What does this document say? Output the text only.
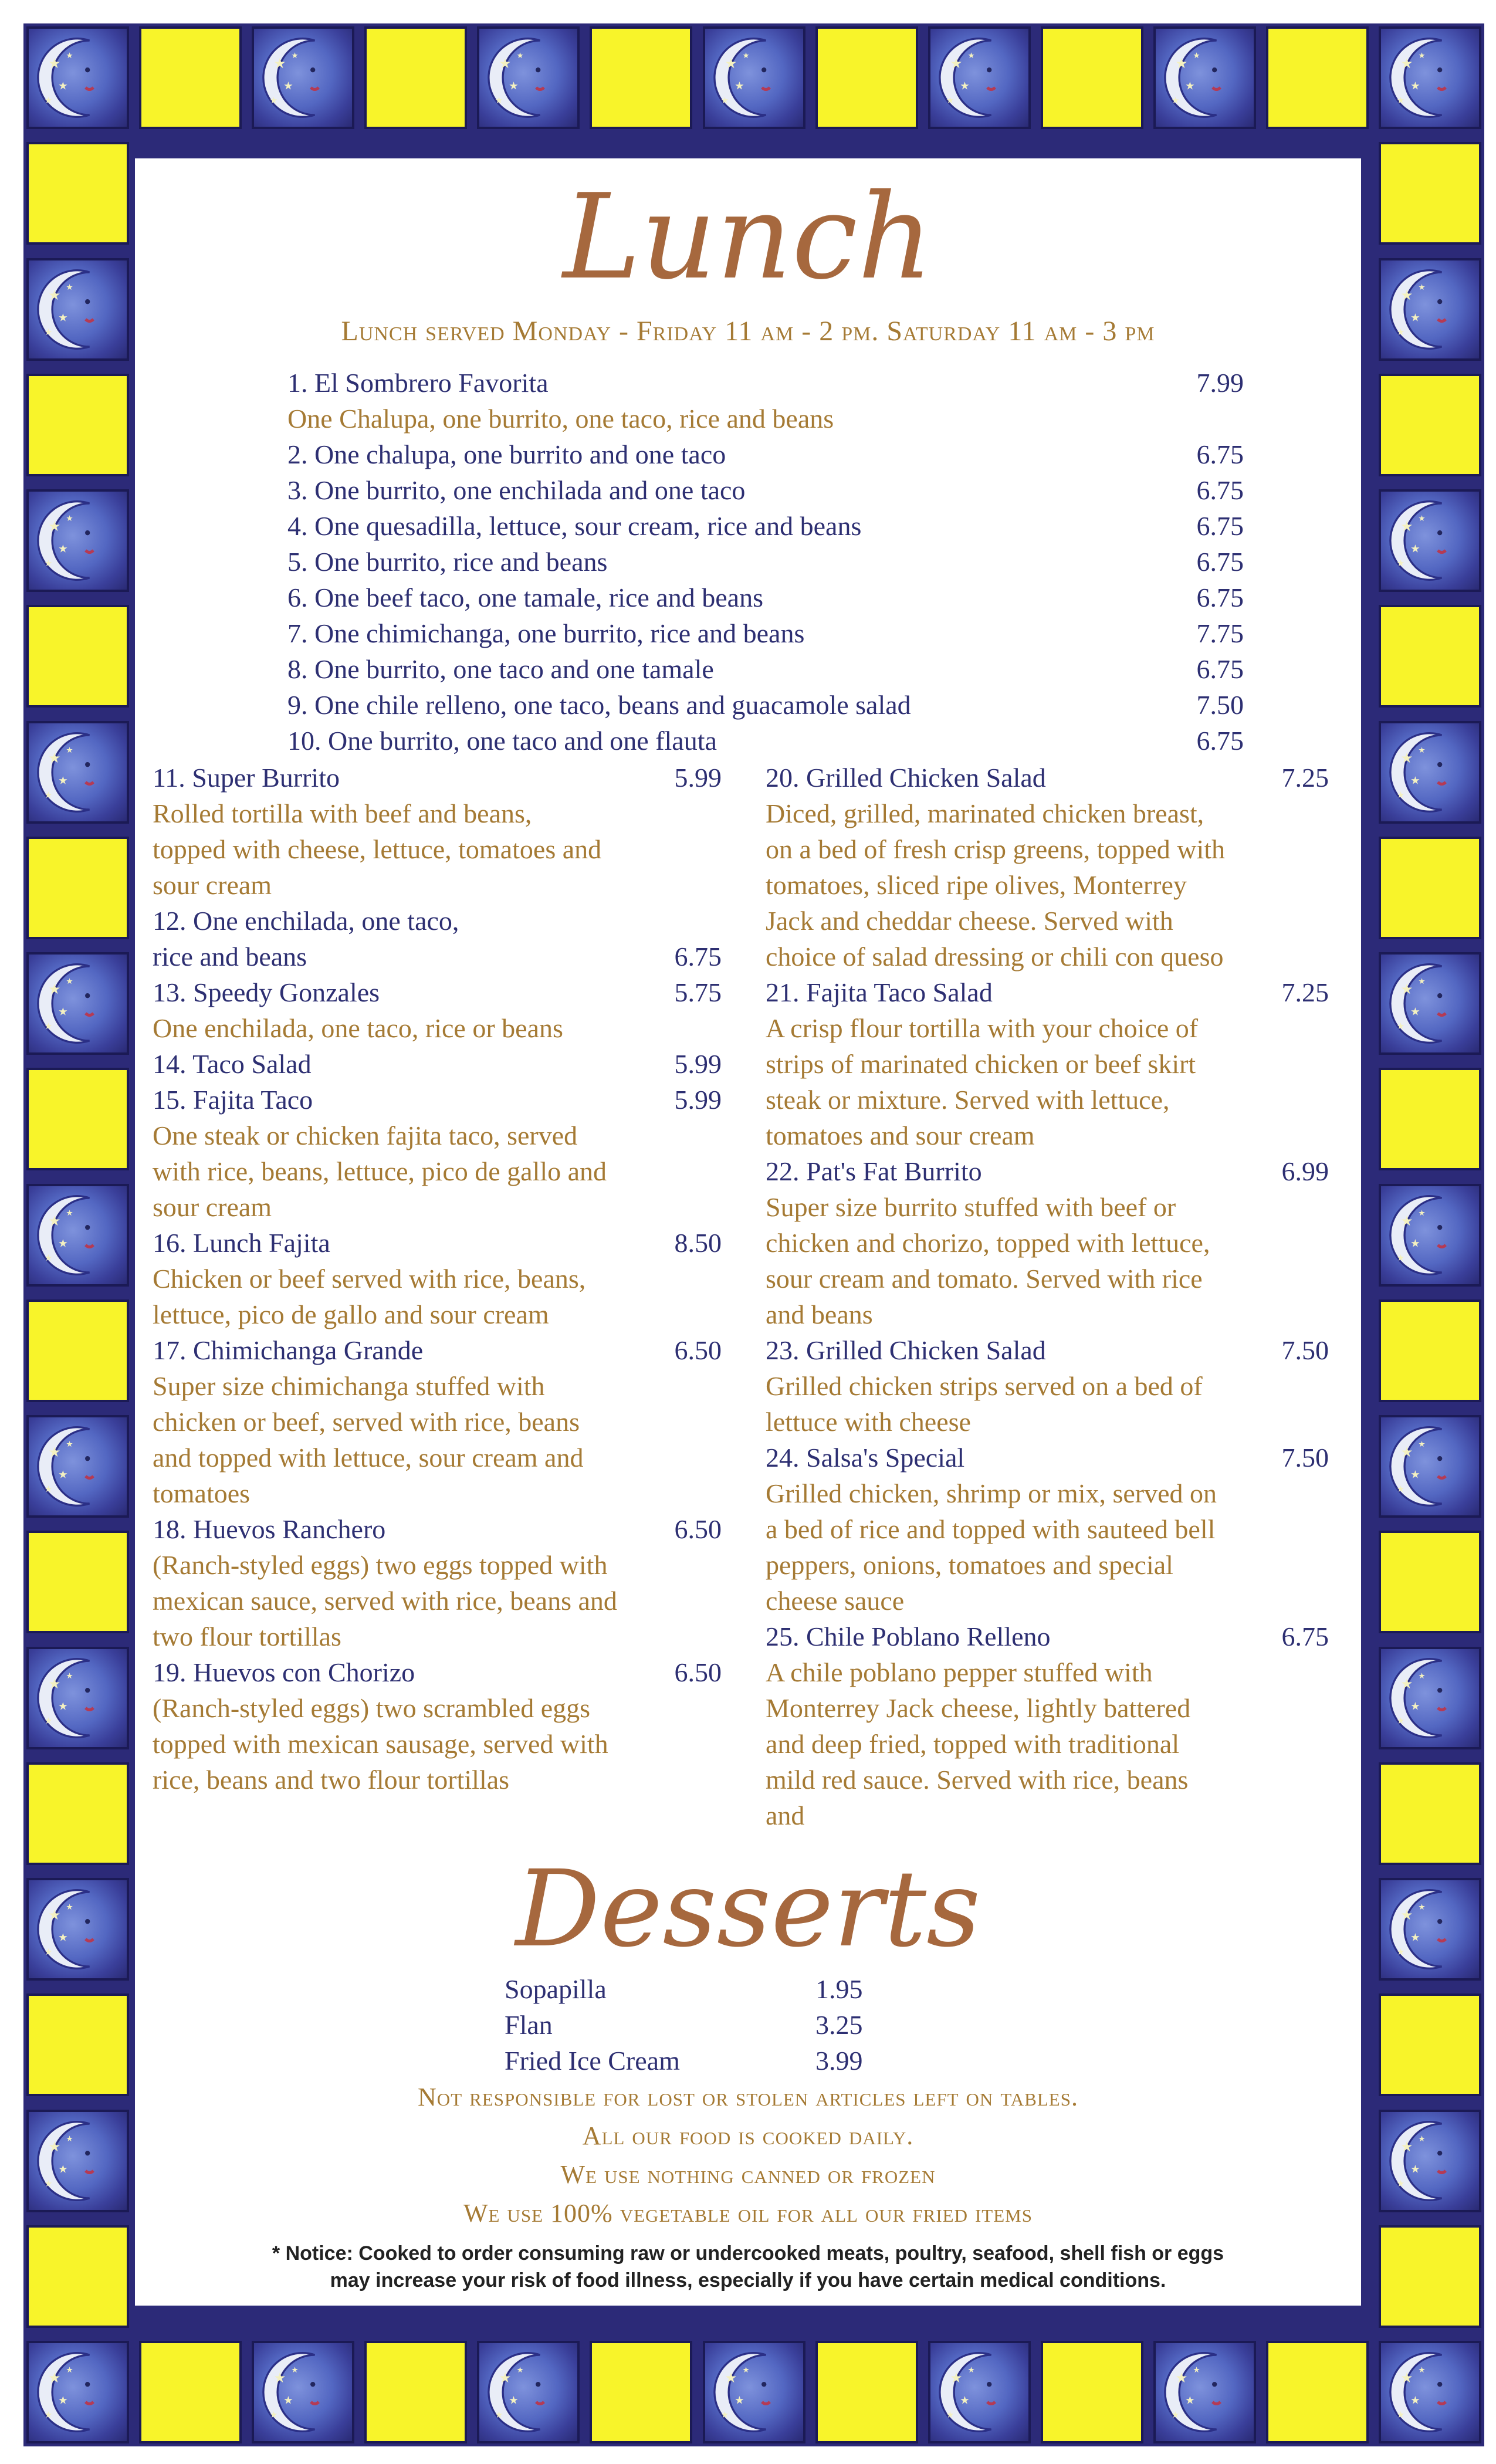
★
★
★
★
★
★
★
★
★
★
★
★
★
★
★
★
★
★
★
★
★
★
★
★
★
★
★
★
★
★
★
★
★
★
★
★
★
★
★
★
★
★
★
★
★
★
★
★
★
★
★
★
★
★
★
★
★
★
★
★
★
★
★
★
★
★
★
★
★
★
★
★
★
★
★
★
★
★
★
★
★
★
★
★
★
★
★
★
★
★
★
★
★
★
★
★
★
★
★
★
★
★
★
★
★
★
★
★
★
★
★
★
★
★
★
★
★
★
★
★
★
★
★
★
★
★
★
★
Lunch
Lunch served Monday - Friday 11 am - 2 pm. Saturday 11 am - 3 pm
1. El Sombrero Favorita	7.99
One Chalupa, one burrito, one taco, rice and beans
2. One chalupa, one burrito and one taco	6.75
3. One burrito, one enchilada and one taco	6.75
4. One quesadilla, lettuce, sour cream, rice and beans	6.75
5. One burrito, rice and beans	6.75
6. One beef taco, one tamale, rice and beans	6.75
7. One chimichanga, one burrito, rice and beans	7.75
8. One burrito, one taco and one tamale	6.75
9. One chile relleno, one taco, beans and guacamole salad	7.50
10. One burrito, one taco and one flauta	6.75
11. Super Burrito	5.99
Rolled tortilla with beef and beans,
topped with cheese, lettuce, tomatoes and
sour cream
12. One enchilada, one taco,
rice and beans	6.75
13. Speedy Gonzales	5.75
One enchilada, one taco, rice or beans
14. Taco Salad	5.99
15. Fajita Taco	5.99
One steak or chicken fajita taco, served
with rice, beans, lettuce, pico de gallo and
sour cream
16. Lunch Fajita	8.50
Chicken or beef served with rice, beans,
lettuce, pico de gallo and sour cream
17. Chimichanga Grande	6.50
Super size chimichanga stuffed with
chicken or beef, served with rice, beans
and topped with lettuce, sour cream and
tomatoes
18. Huevos Ranchero	6.50
(Ranch-styled eggs) two eggs topped with
mexican sauce, served with rice, beans and
two flour tortillas
19. Huevos con Chorizo	6.50
(Ranch-styled eggs) two scrambled eggs
topped with mexican sausage, served with
rice, beans and two flour tortillas
20. Grilled Chicken Salad	7.25
Diced, grilled, marinated chicken breast,
on a bed of fresh crisp greens, topped with
tomatoes, sliced ripe olives, Monterrey
Jack and cheddar cheese. Served with
choice of salad dressing or chili con queso
21. Fajita Taco Salad	7.25
A crisp flour tortilla with your choice of
strips of marinated chicken or beef skirt
steak or mixture. Served with lettuce,
tomatoes and sour cream
22. Pat's Fat Burrito	6.99
Super size burrito stuffed with beef or
chicken and chorizo, topped with lettuce,
sour cream and tomato. Served with rice
and beans
23. Grilled Chicken Salad	7.50
Grilled chicken strips served on a bed of
lettuce with cheese
24. Salsa's Special	7.50
Grilled chicken, shrimp or mix, served on
a bed of rice and topped with sauteed bell
peppers, onions, tomatoes and special
cheese sauce
25. Chile Poblano Relleno	6.75
A chile poblano pepper stuffed with
Monterrey Jack cheese, lightly battered
and deep fried, topped with traditional
mild red sauce. Served with rice, beans
and
Desserts
Sopapilla	1.95
Flan	3.25
Fried Ice Cream	3.99
Not responsible for lost or stolen articles left on tables.
All our food is cooked daily.
We use nothing canned or frozen
We use 100% vegetable oil for all our fried items
* Notice: Cooked to order consuming raw or undercooked meats, poultry, seafood, shell fish or eggs
may increase your risk of food illness, especially if you have certain medical conditions.
